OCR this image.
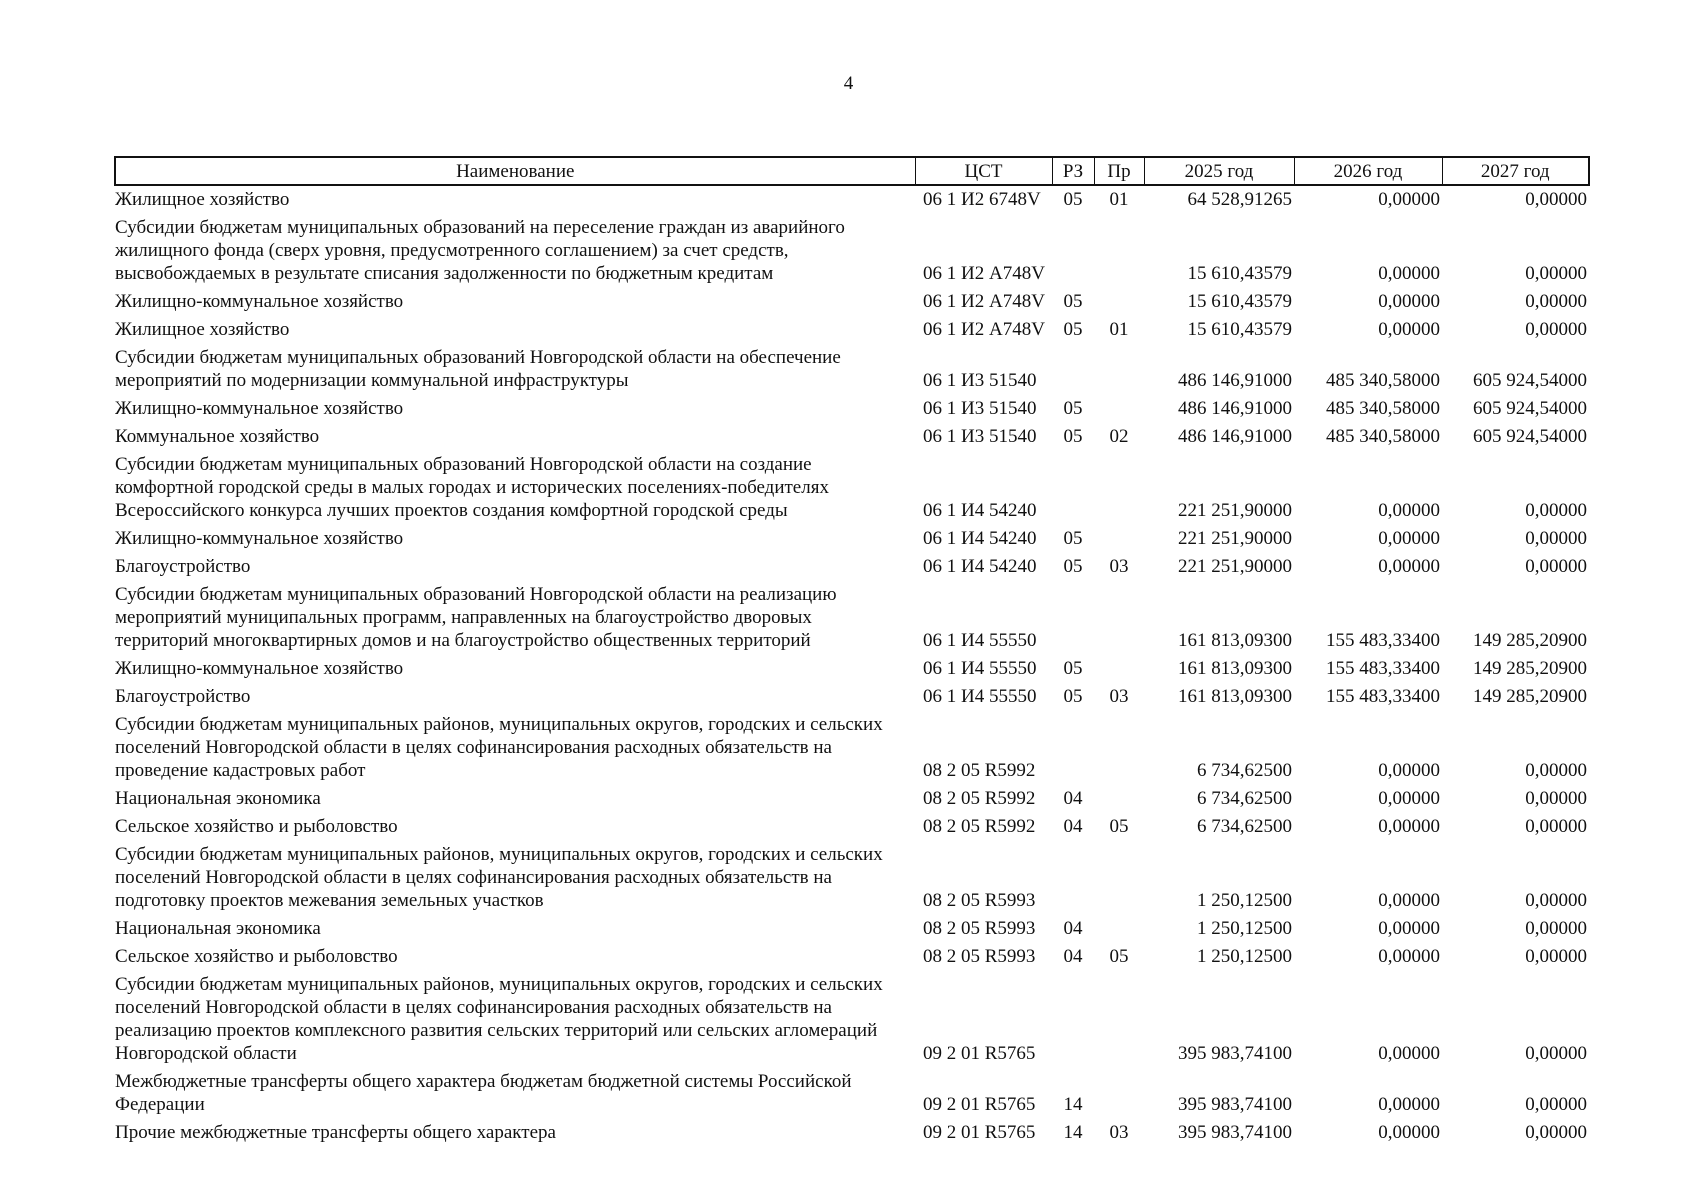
4
Наименование	ЦСТ	РЗ	Пр	2025 год	2026 год	2027 год
Жилищное хозяйство	06 1 И2 6748V	05	01	64 528,91265	0,00000	0,00000
Субсидии бюджетам муниципальных образований на переселение граждан из аварийного жилищного фонда (сверх уровня, предусмотренного соглашением) за счет средств, высвобождаемых в результате списания задолженности по бюджетным кредитам	06 1 И2 А748V			15 610,43579	0,00000	0,00000
Жилищно-коммунальное хозяйство	06 1 И2 А748V	05		15 610,43579	0,00000	0,00000
Жилищное хозяйство	06 1 И2 А748V	05	01	15 610,43579	0,00000	0,00000
Субсидии бюджетам муниципальных образований Новгородской области на обеспечение мероприятий по модернизации коммунальной инфраструктуры	06 1 И3 51540			486 146,91000	485 340,58000	605 924,54000
Жилищно-коммунальное хозяйство	06 1 И3 51540	05		486 146,91000	485 340,58000	605 924,54000
Коммунальное хозяйство	06 1 И3 51540	05	02	486 146,91000	485 340,58000	605 924,54000
Субсидии бюджетам муниципальных образований Новгородской области на создание комфортной городской среды в малых городах и исторических поселениях-победителях Всероссийского конкурса лучших проектов создания комфортной городской среды	06 1 И4 54240			221 251,90000	0,00000	0,00000
Жилищно-коммунальное хозяйство	06 1 И4 54240	05		221 251,90000	0,00000	0,00000
Благоустройство	06 1 И4 54240	05	03	221 251,90000	0,00000	0,00000
Субсидии бюджетам муниципальных образований Новгородской области на реализацию мероприятий муниципальных программ, направленных на благоустройство дворовых территорий многоквартирных домов и на благоустройство общественных территорий	06 1 И4 55550			161 813,09300	155 483,33400	149 285,20900
Жилищно-коммунальное хозяйство	06 1 И4 55550	05		161 813,09300	155 483,33400	149 285,20900
Благоустройство	06 1 И4 55550	05	03	161 813,09300	155 483,33400	149 285,20900
Субсидии бюджетам муниципальных районов, муниципальных округов, городских и сельских поселений Новгородской области в целях софинансирования расходных обязательств на проведение кадастровых работ	08 2 05 R5992			6 734,62500	0,00000	0,00000
Национальная экономика	08 2 05 R5992	04		6 734,62500	0,00000	0,00000
Сельское хозяйство и рыболовство	08 2 05 R5992	04	05	6 734,62500	0,00000	0,00000
Субсидии бюджетам муниципальных районов, муниципальных округов, городских и сельских поселений Новгородской области в целях софинансирования расходных обязательств на подготовку проектов межевания земельных участков	08 2 05 R5993			1 250,12500	0,00000	0,00000
Национальная экономика	08 2 05 R5993	04		1 250,12500	0,00000	0,00000
Сельское хозяйство и рыболовство	08 2 05 R5993	04	05	1 250,12500	0,00000	0,00000
Субсидии бюджетам муниципальных районов, муниципальных округов, городских и сельских поселений Новгородской области в целях софинансирования расходных обязательств на реализацию проектов комплексного развития сельских территорий или сельских агломераций Новгородской области	09 2 01 R5765			395 983,74100	0,00000	0,00000
Межбюджетные трансферты общего характера бюджетам бюджетной системы Российской Федерации	09 2 01 R5765	14		395 983,74100	0,00000	0,00000
Прочие межбюджетные трансферты общего характера	09 2 01 R5765	14	03	395 983,74100	0,00000	0,00000
